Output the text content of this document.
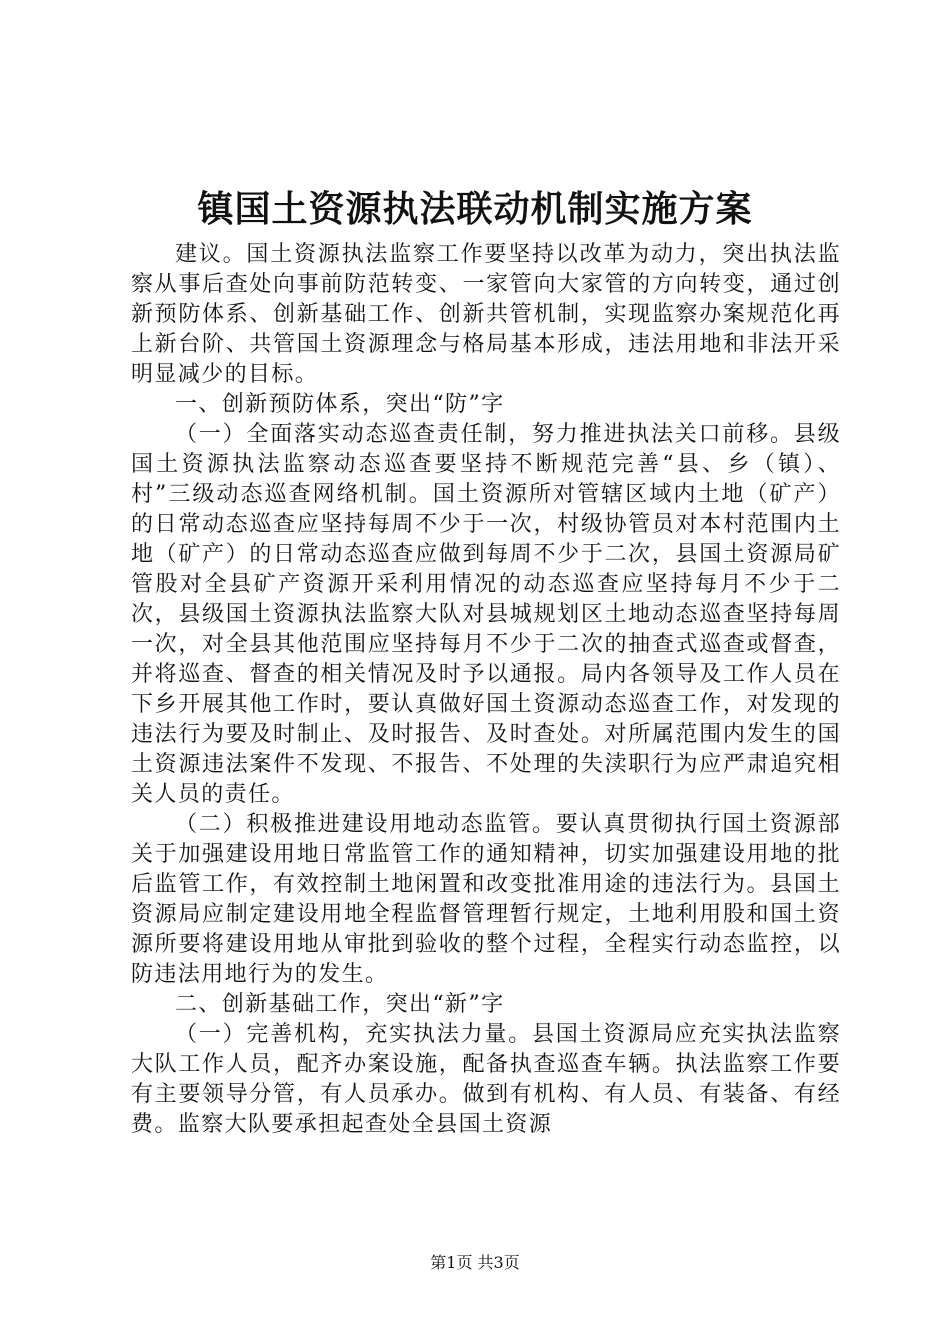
镇国土资源执法联动机制实施方案

建议。国土资源执法监察工作要坚持以改革为动力，突出执法监察从事后查处向事前防范转变、一家管向大家管的方向转变，通过创新预防体系、创新基础工作、创新共管机制，实现监察办案规范化再上新台阶、共管国土资源理念与格局基本形成，违法用地和非法开采明显减少的目标。

一、创新预防体系，突出“防”字

（一）全面落实动态巡查责任制，努力推进执法关口前移。县级国土资源执法监察动态巡查要坚持不断规范完善“县、乡（镇）、村”三级动态巡查网络机制。国土资源所对管辖区域内土地（矿产）的日常动态巡查应坚持每周不少于一次，村级协管员对本村范围内土地（矿产）的日常动态巡查应做到每周不少于二次，县国土资源局矿管股对全县矿产资源开采利用情况的动态巡查应坚持每月不少于二次，县级国土资源执法监察大队对县城规划区土地动态巡查坚持每周一次，对全县其他范围应坚持每月不少于二次的抽查式巡查或督查，并将巡查、督查的相关情况及时予以通报。局内各领导及工作人员在下乡开展其他工作时，要认真做好国土资源动态巡查工作，对发现的违法行为要及时制止、及时报告、及时查处。对所属范围内发生的国土资源违法案件不发现、不报告、不处理的失渎职行为应严肃追究相关人员的责任。

（二）积极推进建设用地动态监管。要认真贯彻执行国土资源部关于加强建设用地日常监管工作的通知精神，切实加强建设用地的批后监管工作，有效控制土地闲置和改变批准用途的违法行为。县国土资源局应制定建设用地全程监督管理暂行规定，土地利用股和国土资源所要将建设用地从审批到验收的整个过程，全程实行动态监控，以防违法用地行为的发生。

二、创新基础工作，突出“新”字

（一）完善机构，充实执法力量。县国土资源局应充实执法监察大队工作人员，配齐办案设施，配备执查巡查车辆。执法监察工作要有主要领导分管，有人员承办。做到有机构、有人员、有装备、有经费。监察大队要承担起查处全县国土资源

第1页 共3页
